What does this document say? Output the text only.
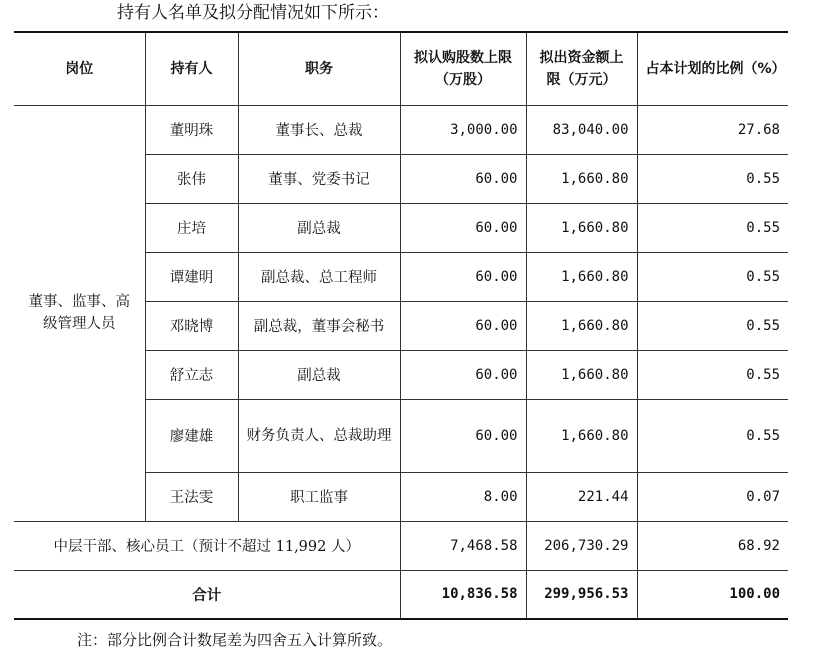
持有人名单及拟分配情况如下所示：
岗位	持有人	职务	拟认购股数上限（万股）	拟出资金额上限（万元）	占本计划的比例（%）
董事、监事、高级管理人员	董明珠	董事长、总裁	3,000.00	83,040.00	27.68
	张伟	董事、党委书记	60.00	1,660.80	0.55
	庄培	副总裁	60.00	1,660.80	0.55
	谭建明	副总裁、总工程师	60.00	1,660.80	0.55
	邓晓博	副总裁，董事会秘书	60.00	1,660.80	0.55
	舒立志	副总裁	60.00	1,660.80	0.55
	廖建雄	财务负责人、总裁助理	60.00	1,660.80	0.55
	王法雯	职工监事	8.00	221.44	0.07
中层干部、核心员工（预计不超过 11,992 人）			7,468.58	206,730.29	68.92
合计			10,836.58	299,956.53	100.00
注：部分比例合计数尾差为四舍五入计算所致。
